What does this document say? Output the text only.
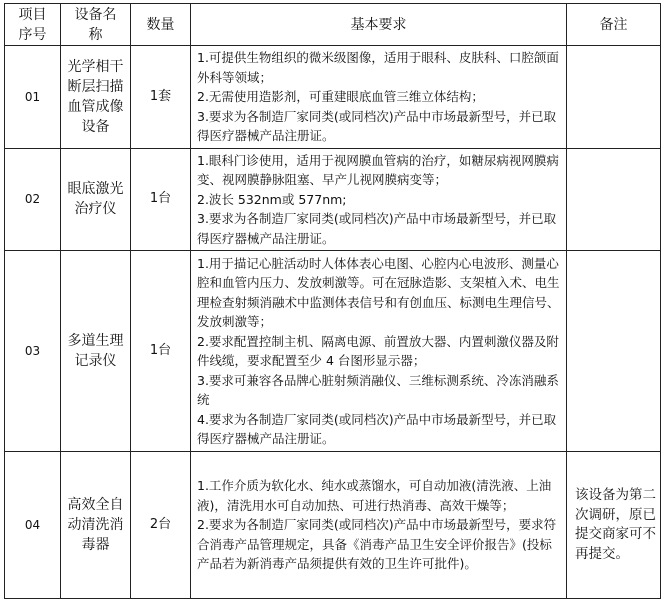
项目序号	设备名称	数量	基本要求	备注
01	光学相干断层扫描血管成像设备	1套	1.可提供生物组织的微米级图像，适用于眼科、皮肤科、口腔颌面外科等领域；
2.无需使用造影剂，可重建眼底血管三维立体结构；
3.要求为各制造厂家同类(或同档次)产品中市场最新型号，并已取得医疗器械产品注册证。	

02	眼底激光治疗仪	1台	1.眼科门诊使用，适用于视网膜血管病的治疗，如糖尿病视网膜病变、视网膜静脉阻塞、早产儿视网膜病变等；
2.波长 532nm或 577nm;
3.要求为各制造厂家同类(或同档次)产品中市场最新型号，并已取得医疗器械产品注册证。	

03	多道生理记录仪	1台	1.用于描记心脏活动时人体体表心电图、心腔内心电波形、测量心腔和血管内压力、发放刺激等。可在冠脉造影、支架植入术、电生理检查射频消融术中监测体表信号和有创血压、标测电生理信号、发放刺激等；
2.要求配置控制主机、隔离电源、前置放大器、内置刺激仪器及附件线缆，要求配置至少 4 台图形显示器；
3.要求可兼容各品牌心脏射频消融仪、三维标测系统、冷冻消融系统
4.要求为各制造厂家同类(或同档次)产品中市场最新型号，并已取得医疗器械产品注册证。	

04	高效全自动清洗消毒器	2台	1.工作介质为软化水、纯水或蒸馏水，可自动加液(清洗液、上油液)，清洗用水可自动加热、可进行热消毒、高效干燥等；
2.要求为各制造厂家同类(或同档次)产品中市场最新型号，要求符合消毒产品管理规定，具备《消毒产品卫生安全评价报告》(投标产品若为新消毒产品须提供有效的卫生许可批件)。	该设备为第二次调研，原已提交商家可不再提交。
